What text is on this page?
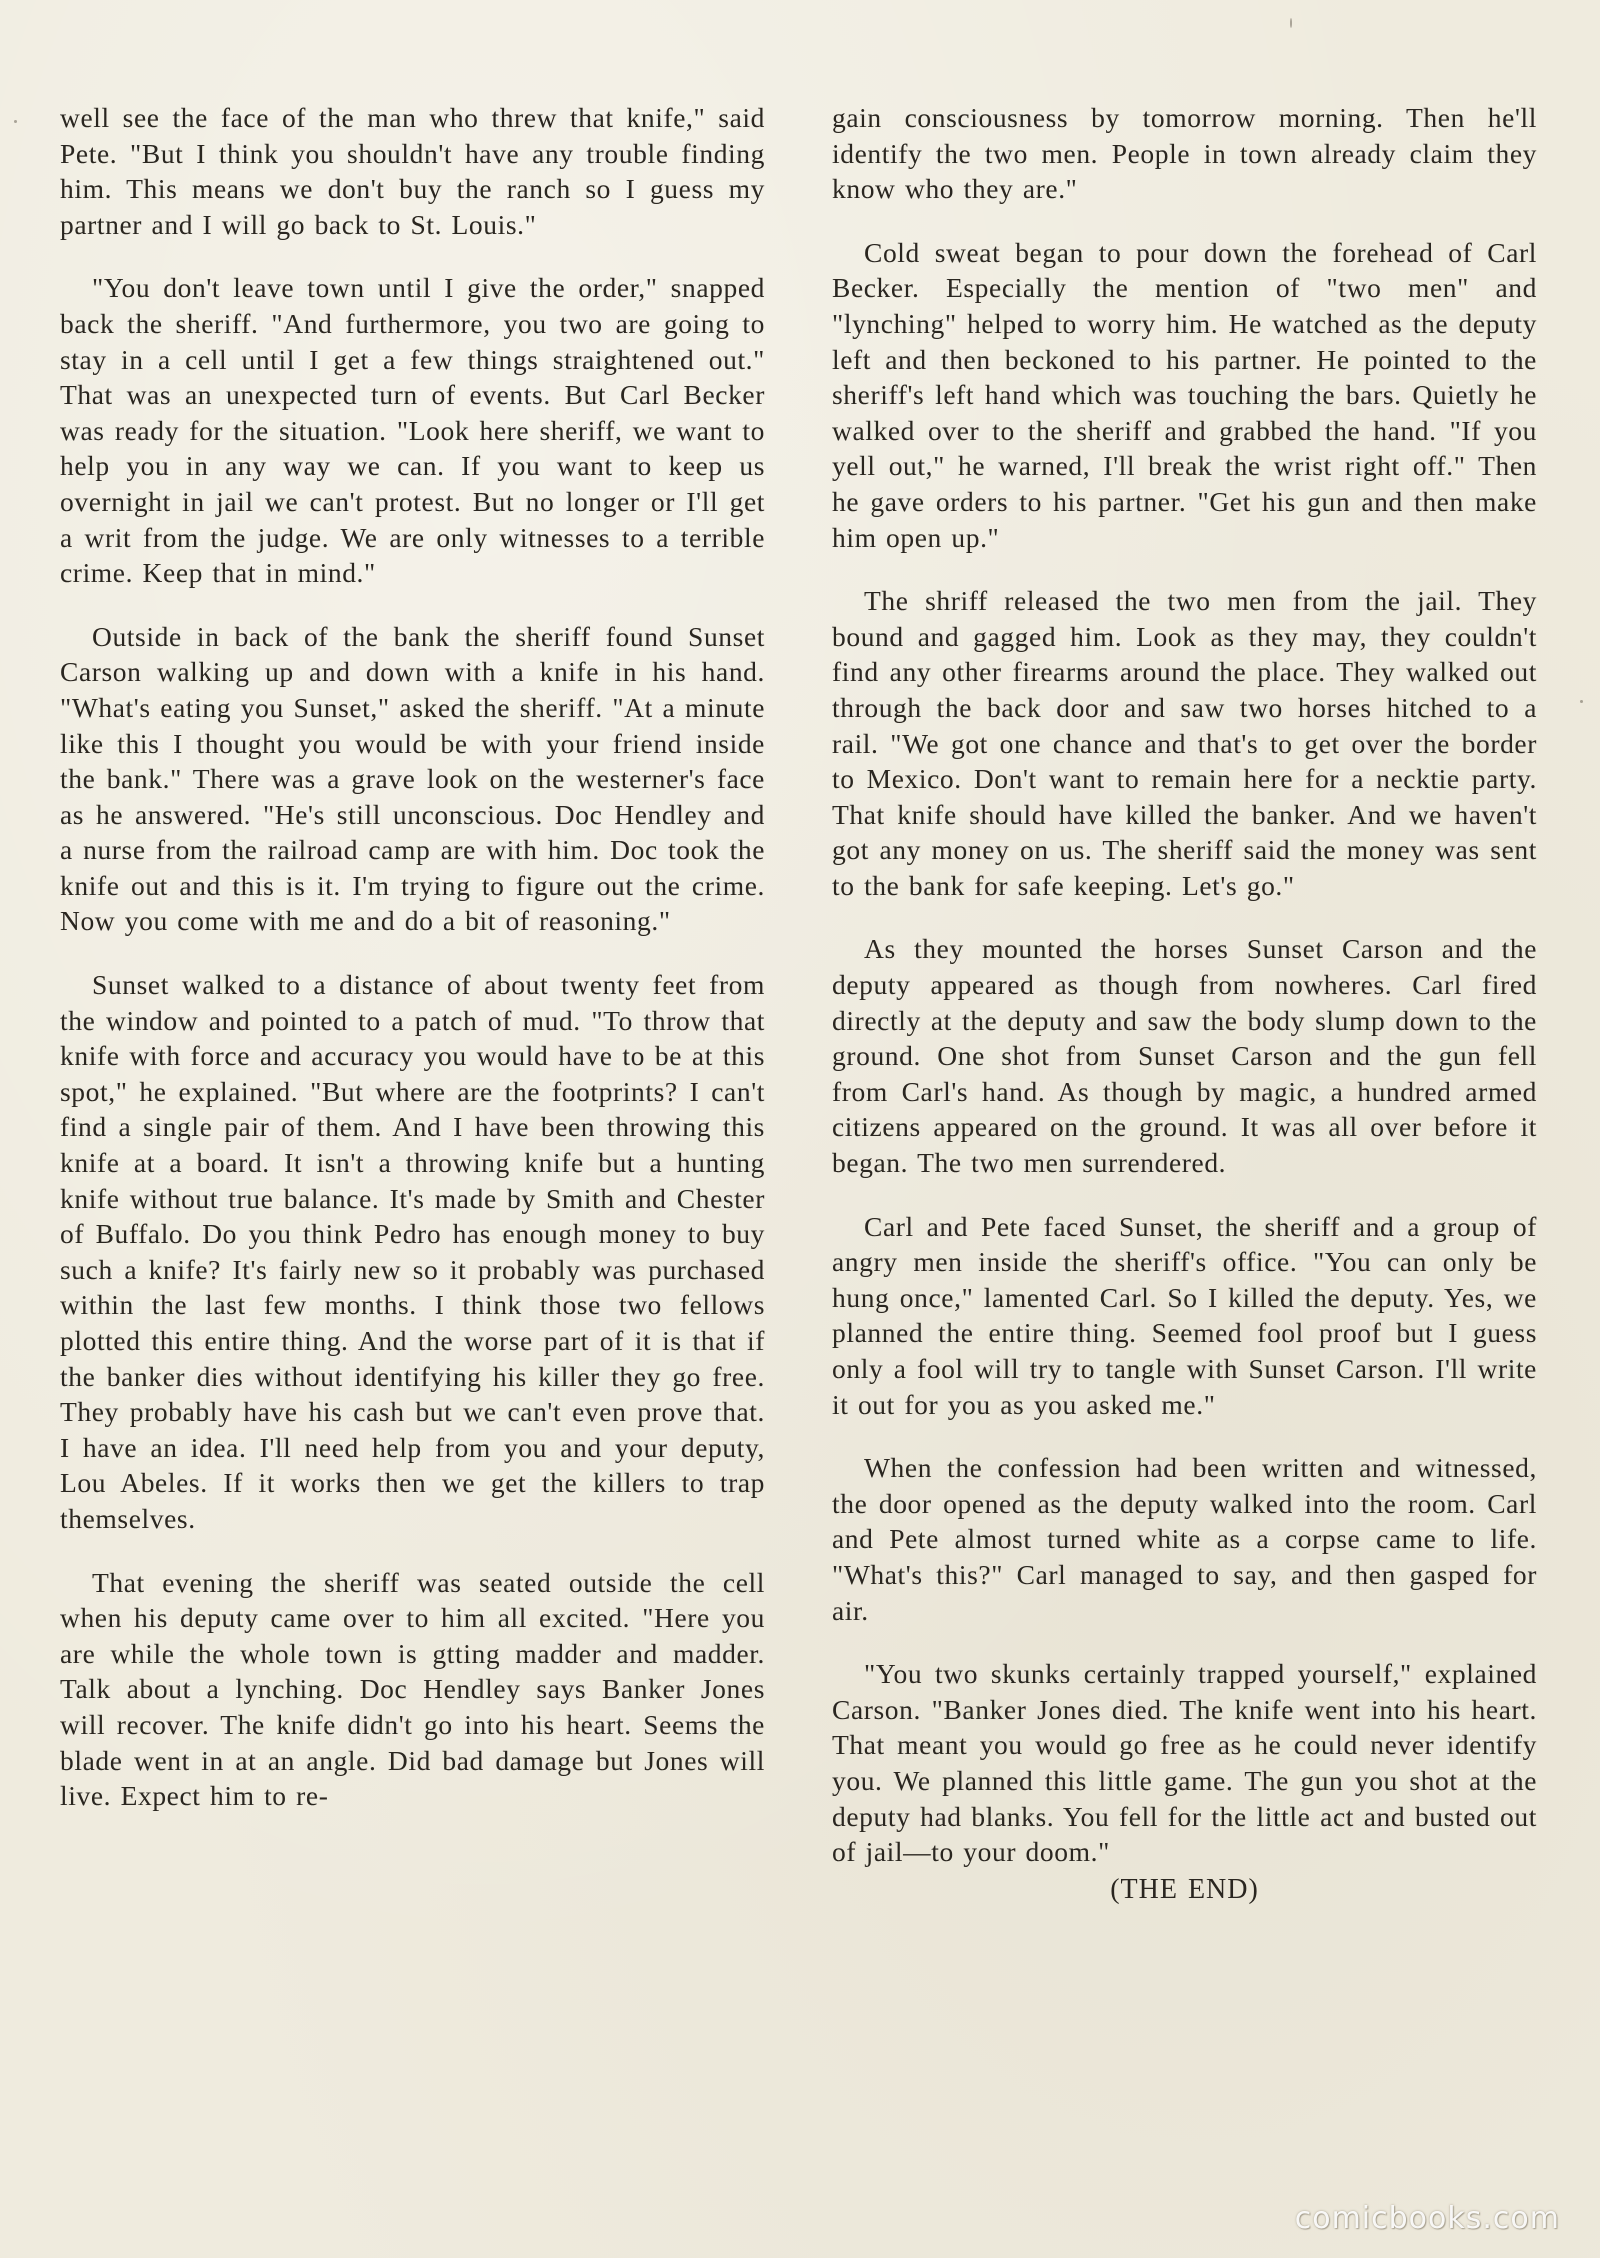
well see the face of the man who threw that knife," said Pete. "But I think you shouldn't have any trouble finding him. This means we don't buy the ranch so I guess my partner and I will go back to St. Louis."

"You don't leave town until I give the order," snapped back the sheriff. "And furthermore, you two are going to stay in a cell until I get a few things straightened out." That was an unexpected turn of events. But Carl Becker was ready for the situation. "Look here sheriff, we want to help you in any way we can. If you want to keep us overnight in jail we can't protest. But no longer or I'll get a writ from the judge. We are only witnesses to a terrible crime. Keep that in mind."

Outside in back of the bank the sheriff found Sunset Carson walking up and down with a knife in his hand. "What's eating you Sunset," asked the sheriff. "At a minute like this I thought you would be with your friend inside the bank." There was a grave look on the westerner's face as he answered. "He's still unconscious. Doc Hendley and a nurse from the railroad camp are with him. Doc took the knife out and this is it. I'm trying to figure out the crime. Now you come with me and do a bit of reasoning."

Sunset walked to a distance of about twenty feet from the window and pointed to a patch of mud. "To throw that knife with force and accuracy you would have to be at this spot," he explained. "But where are the footprints? I can't find a single pair of them. And I have been throwing this knife at a board. It isn't a throwing knife but a hunting knife without true balance. It's made by Smith and Chester of Buffalo. Do you think Pedro has enough money to buy such a knife? It's fairly new so it probably was purchased within the last few months. I think those two fellows plotted this entire thing. And the worse part of it is that if the banker dies without identifying his killer they go free. They probably have his cash but we can't even prove that. I have an idea. I'll need help from you and your deputy, Lou Abeles. If it works then we get the killers to trap themselves.

That evening the sheriff was seated outside the cell when his deputy came over to him all excited. "Here you are while the whole town is gtting madder and madder. Talk about a lynching. Doc Hendley says Banker Jones will recover. The knife didn't go into his heart. Seems the blade went in at an angle. Did bad damage but Jones will live. Expect him to re-

gain consciousness by tomorrow morning. Then he'll identify the two men. People in town already claim they know who they are."

Cold sweat began to pour down the forehead of Carl Becker. Especially the mention of "two men" and "lynching" helped to worry him. He watched as the deputy left and then beckoned to his partner. He pointed to the sheriff's left hand which was touching the bars. Quietly he walked over to the sheriff and grabbed the hand. "If you yell out," he warned, I'll break the wrist right off." Then he gave orders to his partner. "Get his gun and then make him open up."

The shriff released the two men from the jail. They bound and gagged him. Look as they may, they couldn't find any other firearms around the place. They walked out through the back door and saw two horses hitched to a rail. "We got one chance and that's to get over the border to Mexico. Don't want to remain here for a necktie party. That knife should have killed the banker. And we haven't got any money on us. The sheriff said the money was sent to the bank for safe keeping. Let's go."

As they mounted the horses Sunset Carson and the deputy appeared as though from nowheres. Carl fired directly at the deputy and saw the body slump down to the ground. One shot from Sunset Carson and the gun fell from Carl's hand. As though by magic, a hundred armed citizens appeared on the ground. It was all over before it began. The two men surrendered.

Carl and Pete faced Sunset, the sheriff and a group of angry men inside the sheriff's office. "You can only be hung once," lamented Carl. So I killed the deputy. Yes, we planned the entire thing. Seemed fool proof but I guess only a fool will try to tangle with Sunset Carson. I'll write it out for you as you asked me."

When the confession had been written and witnessed, the door opened as the deputy walked into the room. Carl and Pete almost turned white as a corpse came to life. "What's this?" Carl managed to say, and then gasped for air.

"You two skunks certainly trapped yourself," explained Carson. "Banker Jones died. The knife went into his heart. That meant you would go free as he could never identify you. We planned this little game. The gun you shot at the deputy had blanks. You fell for the little act and busted out of jail—to your doom."

(THE END)
comicbooks.com
